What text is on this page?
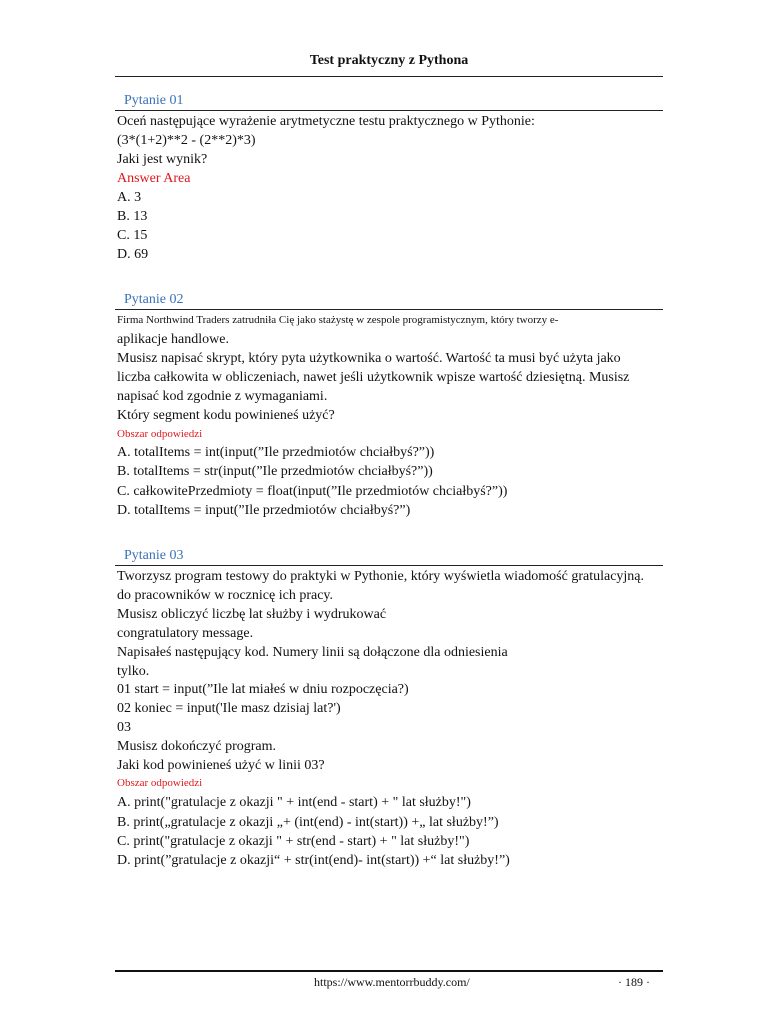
Test praktyczny z Pythona
Pytanie 01
Oceń następujące wyrażenie arytmetyczne testu praktycznego w Pythonie:
(3*(1+2)**2 - (2**2)*3)
Jaki jest wynik?
Answer Area
A. 3
B. 13
C. 15
D. 69
Pytanie 02
Firma Northwind Traders zatrudniła Cię jako stażystę w zespole programistycznym, który tworzy e-
aplikacje handlowe.
Musisz napisać skrypt, który pyta użytkownika o wartość. Wartość ta musi być użyta jako
liczba całkowita w obliczeniach, nawet jeśli użytkownik wpisze wartość dziesiętną. Musisz
napisać kod zgodnie z wymaganiami.
Który segment kodu powinieneś użyć?
Obszar odpowiedzi
A. totalItems = int(input(”Ile przedmiotów chciałbyś?”))
B. totalItems = str(input(”Ile przedmiotów chciałbyś?”))
C. całkowitePrzedmioty = float(input(”Ile przedmiotów chciałbyś?”))
D. totalItems = input(”Ile przedmiotów chciałbyś?”)
Pytanie 03
Tworzysz program testowy do praktyki w Pythonie, który wyświetla wiadomość gratulacyjną.
do pracowników w rocznicę ich pracy.
Musisz obliczyć liczbę lat służby i wydrukować
congratulatory message.
Napisałeś następujący kod. Numery linii są dołączone dla odniesienia
tylko.
01 start = input(”Ile lat miałeś w dniu rozpoczęcia?)
02 koniec = input('Ile masz dzisiaj lat?')
03
Musisz dokończyć program.
Jaki kod powinieneś użyć w linii 03?
Obszar odpowiedzi
A. print("gratulacje z okazji " + int(end - start) + " lat służby!")
B. print(„gratulacje z okazji „+ (int(end) - int(start)) +„ lat służby!”)
C. print("gratulacje z okazji " + str(end - start) + " lat służby!")
D. print(”gratulacje z okazji“ + str(int(end)- int(start)) +“ lat służby!”)
https://www.mentorrbuddy.com/	· 189 ·
